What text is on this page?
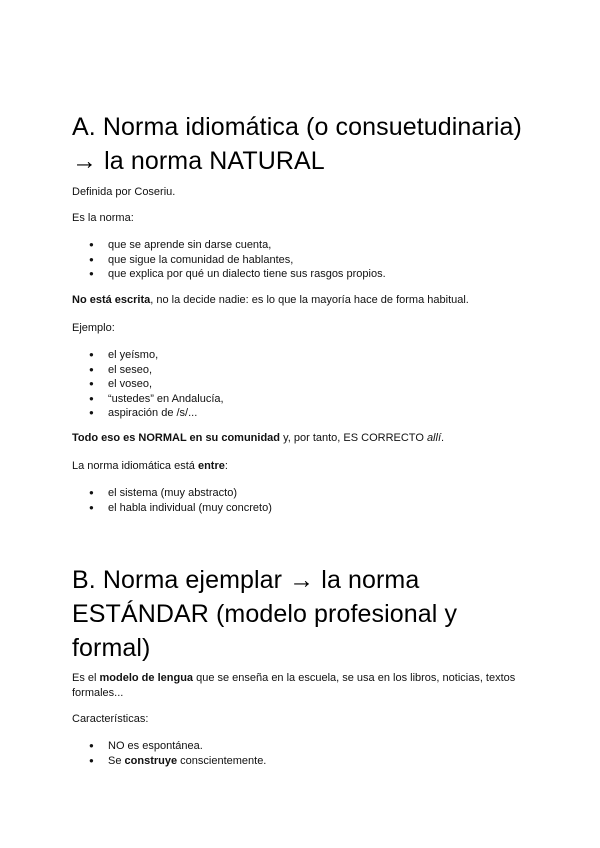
A. Norma idiomática (o consuetudinaria)
→ la norma NATURAL

Definida por Coseriu.

Es la norma:

● que se aprende sin darse cuenta,
● que sigue la comunidad de hablantes,
● que explica por qué un dialecto tiene sus rasgos propios.

No está escrita, no la decide nadie: es lo que la mayoría hace de forma habitual.

Ejemplo:

● el yeísmo,
● el seseo,
● el voseo,
● “ustedes” en Andalucía,
● aspiración de /s/...

Todo eso es NORMAL en su comunidad y, por tanto, ES CORRECTO allí.

La norma idiomática está entre:

● el sistema (muy abstracto)
● el habla individual (muy concreto)
B. Norma ejemplar → la norma
ESTÁNDAR (modelo profesional y
formal)

Es el modelo de lengua que se enseña en la escuela, se usa en los libros, noticias, textos formales...

Características:

● NO es espontánea.
● Se construye conscientemente.
